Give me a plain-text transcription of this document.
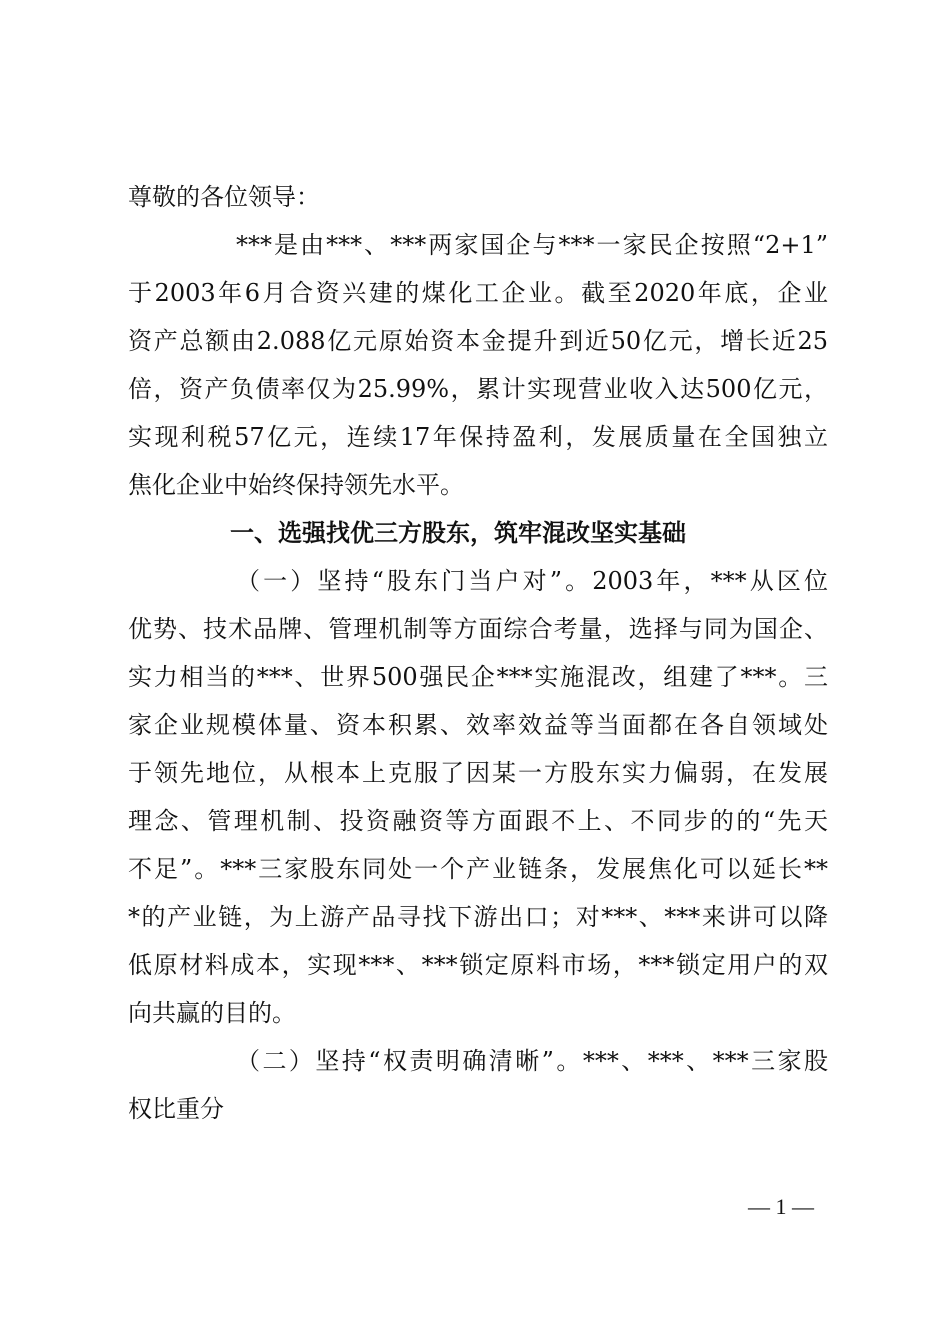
尊敬的各位领导：
***是由***、***两家国企与***一家民企按照“2+1”
于2003年6月合资兴建的煤化工企业。截至2020年底，企业
资产总额由2.088亿元原始资本金提升到近50亿元，增长近25
倍，资产负债率仅为25.99%，累计实现营业收入达500亿元，
实现利税57亿元，连续17年保持盈利，发展质量在全国独立
焦化企业中始终保持领先水平。
一、选强找优三方股东，筑牢混改坚实基础
（一）坚持“股东门当户对”。2003年，***从区位
优势、技术品牌、管理机制等方面综合考量，选择与同为国企、
实力相当的***、世界500强民企***实施混改，组建了***。三
家企业规模体量、资本积累、效率效益等当面都在各自领域处
于领先地位，从根本上克服了因某一方股东实力偏弱，在发展
理念、管理机制、投资融资等方面跟不上、不同步的的“先天
不足”。***三家股东同处一个产业链条，发展焦化可以延长**
*的产业链，为上游产品寻找下游出口；对***、***来讲可以降
低原材料成本，实现***、***锁定原料市场，***锁定用户的双
向共赢的目的。
（二）坚持“权责明确清晰”。***、***、***三家股
权比重分
— 1 —
